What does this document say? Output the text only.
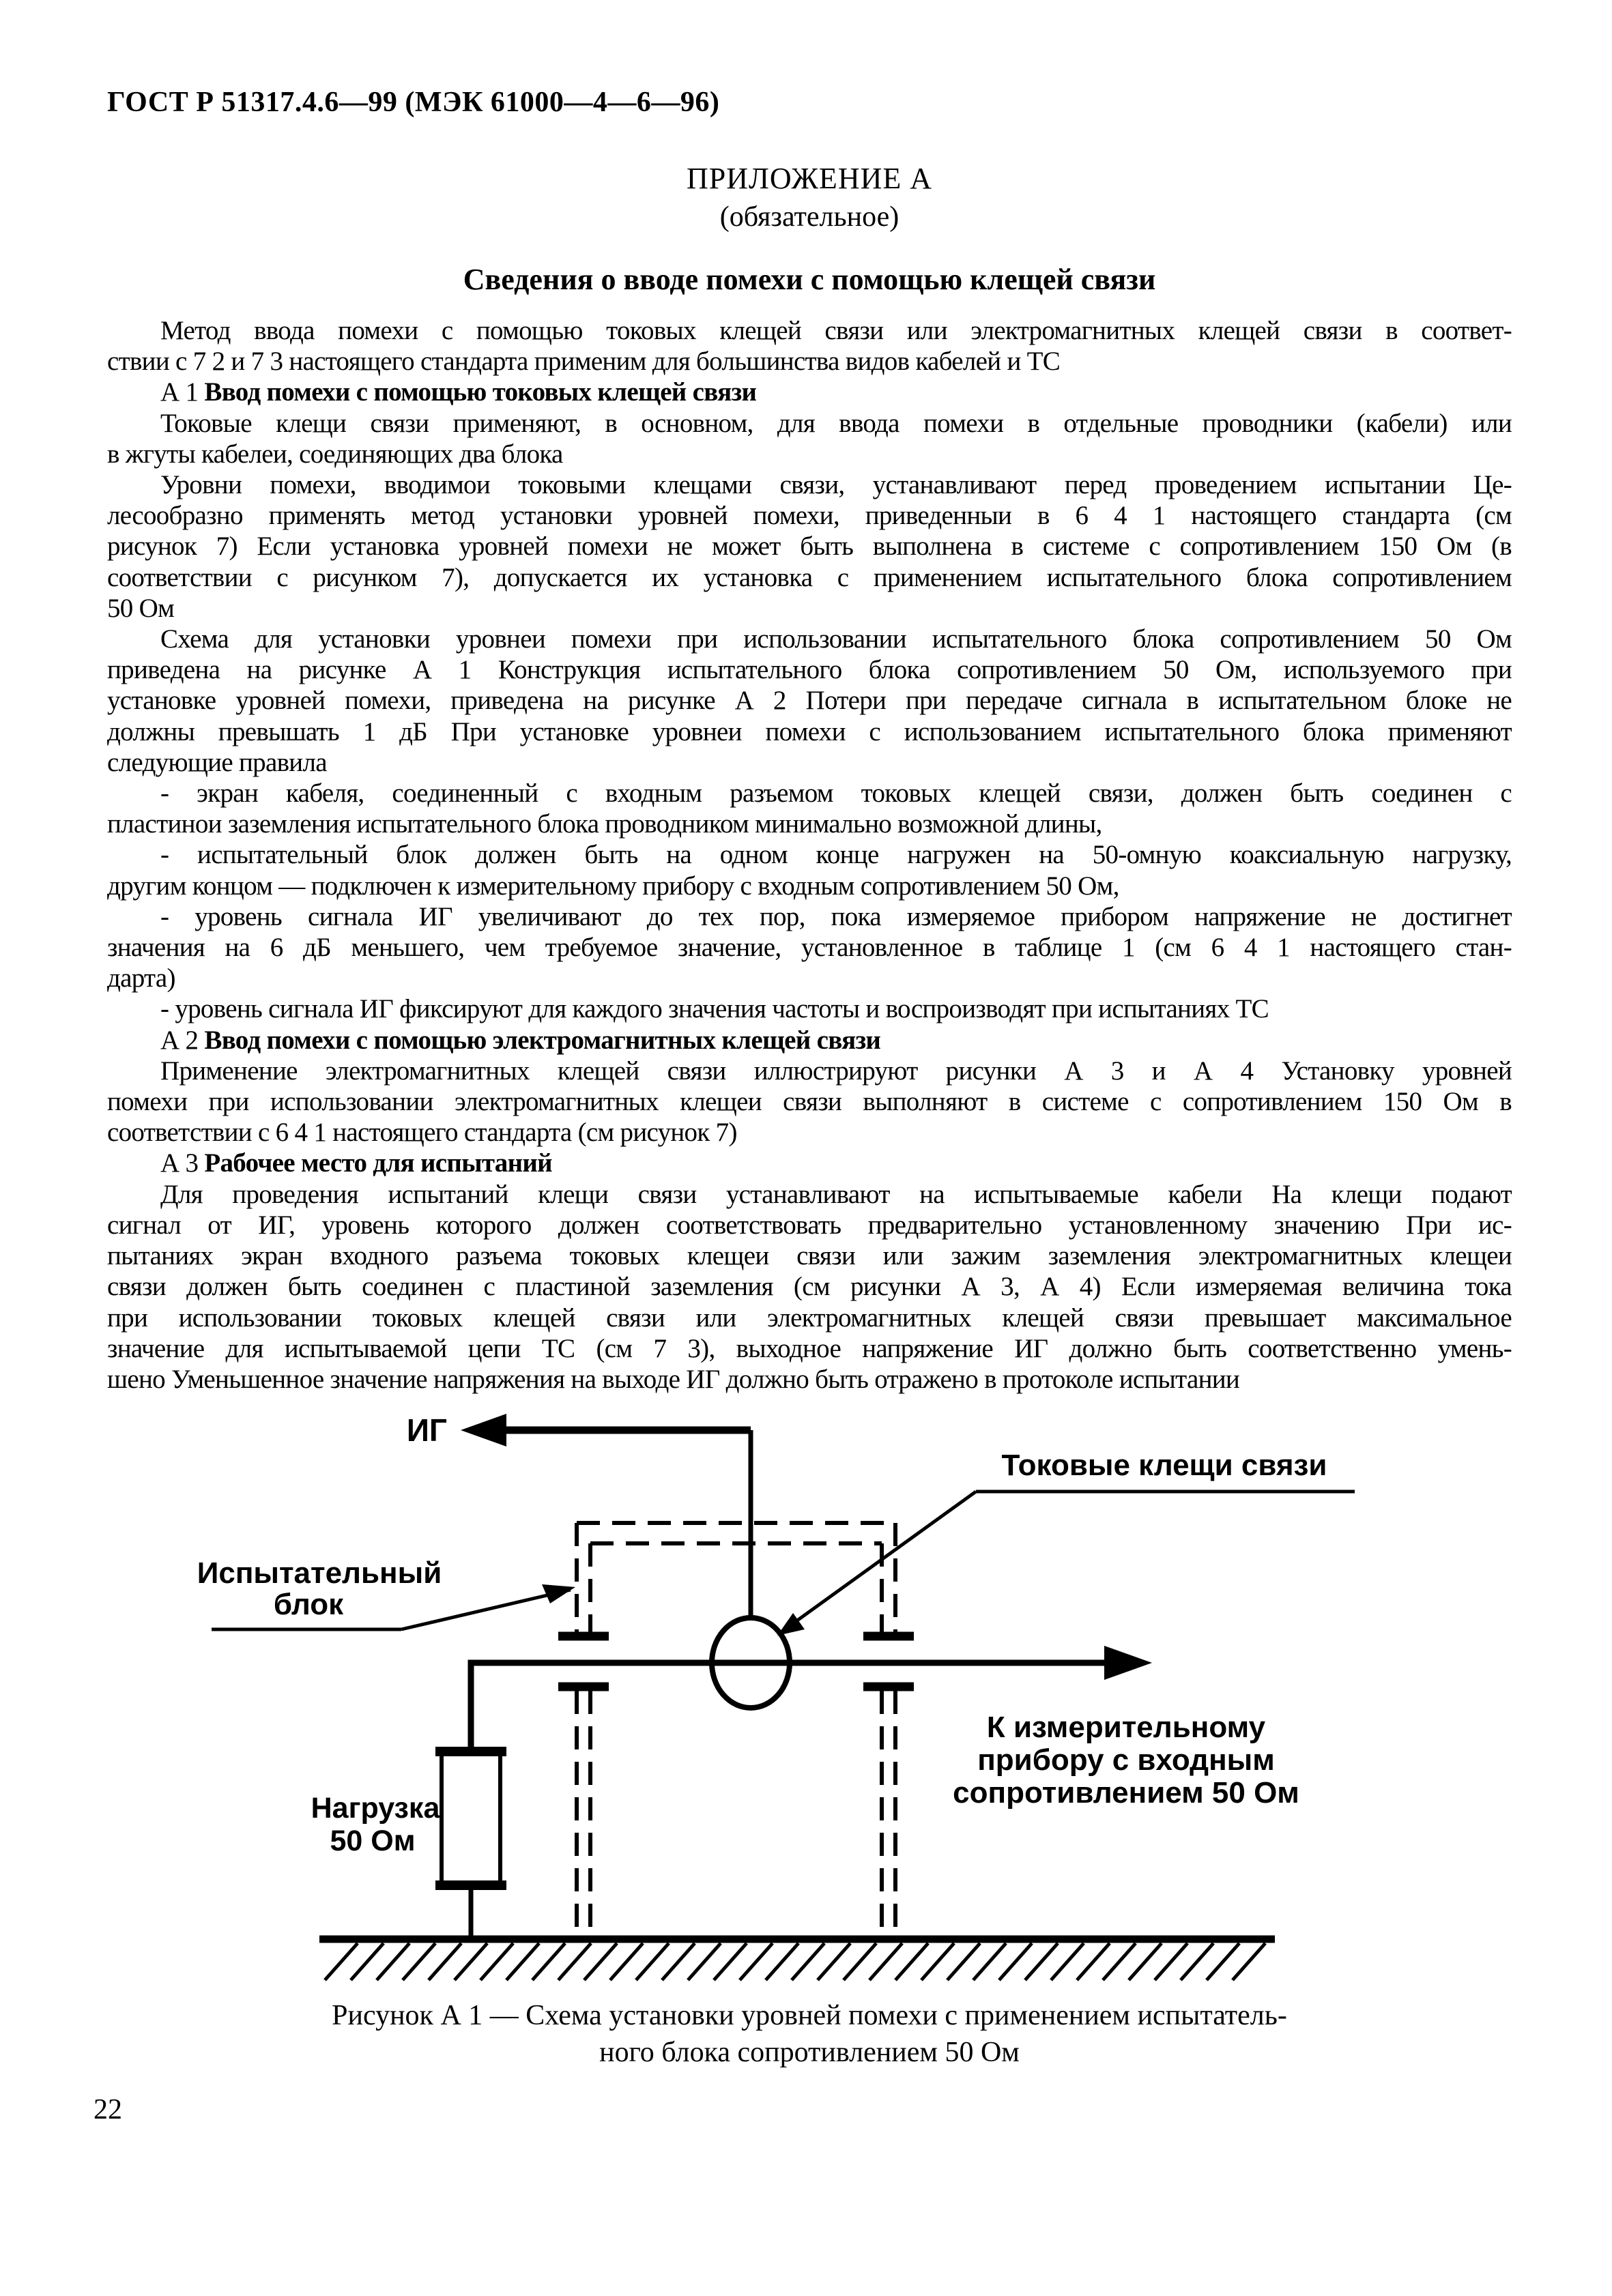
ГОСТ Р 51317.4.6—99 (МЭК 61000—4—6—96)
ПРИЛОЖЕНИЕ А
(обязательное)
Сведения о вводе помехи с помощью клещей связи
Метод ввода помехи с помощью токовых клещей связи или электромагнитных клещей связи в соответ-
ствии с 7 2 и 7 3 настоящего стандарта применим для большинства видов кабелей и ТС
А 1 Ввод помехи с помощью токовых клещей связи
Токовые клещи связи применяют, в основном, для ввода помехи в отдельные проводники (кабели) или
в жгуты кабелеи, соединяющих два блока
Уровни помехи, вводимои токовыми клещами связи, устанавливают перед проведением испытании Це-
лесообразно применять метод установки уровней помехи, приведенныи в 6 4 1 настоящего стандарта (см
рисунок 7) Если установка уровней помехи не может быть выполнена в системе с сопротивлением 150 Ом (в
соответствии с рисунком 7), допускается их установка с применением испытательного блока сопротивлением
50 Ом
Схема для установки уровнеи помехи при использовании испытательного блока сопротивлением 50 Ом
приведена на рисунке А 1 Конструкция испытательного блока сопротивлением 50 Ом, используемого при
установке уровней помехи, приведена на рисунке А 2 Потери при передаче сигнала в испытательном блоке не
должны превышать 1 дБ При установке уровнеи помехи с использованием испытательного блока применяют
следующие правила
- экран кабеля, соединенный с входным разъемом токовых клещей связи, должен быть соединен с
пластинои заземления испытательного блока проводником минимально возможной длины,
- испытательный блок должен быть на одном конце нагружен на 50-омную коаксиальную нагрузку,
другим концом — подключен к измерительному прибору с входным сопротивлением 50 Ом,
- уровень сигнала ИГ увеличивают до тех пор, пока измеряемое прибором напряжение не достигнет
значения на 6 дБ меньшего, чем требуемое значение, установленное в таблице 1 (см 6 4 1 настоящего стан-
дарта)
- уровень сигнала ИГ фиксируют для каждого значения частоты и воспроизводят при испытаниях ТС
А 2 Ввод помехи с помощью электромагнитных клещей связи
Применение электромагнитных клещей связи иллюстрируют рисунки А 3 и А 4 Установку уровней
помехи при использовании электромагнитных клещеи связи выполняют в системе с сопротивлением 150 Ом в
соответствии с 6 4 1 настоящего стандарта (см рисунок 7)
А 3 Рабочее место для испытаний
Для проведения испытаний клещи связи устанавливают на испытываемые кабели На клещи подают
сигнал от ИГ, уровень которого должен соответствовать предварительно установленному значению При ис-
пытаниях экран входного разъема токовых клещеи связи или зажим заземления электромагнитных клещеи
связи должен быть соединен с пластиной заземления (см рисунки А 3, А 4) Если измеряемая величина тока
при использовании токовых клещей связи или электромагнитных клещей связи превышает максимальное
значение для испытываемой цепи ТС (см 7 3), выходное напряжение ИГ должно быть соответственно умень-
шено Уменьшенное значение напряжения на выходе ИГ должно быть отражено в протоколе испытании
ИГ
Токовые клещи связи
Испытательный
блок
Нагрузка
50 Ом
К измерительному
прибору с входным
сопротивлением 50 Ом
Рисунок А 1 — Схема установки уровней помехи с применением испытатель-
ного блока сопротивлением 50 Ом
22
